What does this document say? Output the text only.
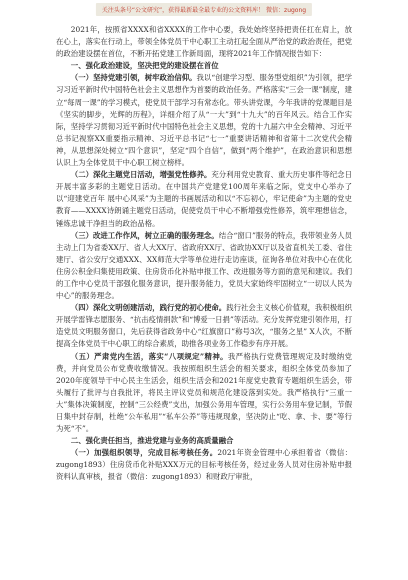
关注头条号“公文研究”，获得最新最全最专业的公文资料库！ 微信：zugong

2021年，按照省XXXX和省XXXX的工作中心要，我处始终坚持把责任扛在肩上，放在心上，落实在行动上，带领全体党员干中心职工主动扛起全面从严治党的政治责任，把党的政治建设摆在首位，不断开拓党建工作新局面，现将2021年工作情况报告如下：

一、强化政治建设，坚决把党的建设摆在首位

（一）坚持党建引领，树牢政治信仰。我以“创建学习型、服务型党组织”为引领，把学习习近平新时代中国特色社会主义思想作为首要的政治任务。严格落实“三会一课”制度，建立“每周一课”的学习模式，使党员干部学习有常态化。带头讲党课，今年我讲的党课题目是《坚实的脚步，光辉的历程》，详细介绍了从“一大”到“十九大”的百年风云。结合工作实际，坚持学习贯彻习近平新时代中国特色社会主义思想，党的十九届六中全会精神、习近平总书记视察XX重要指示精神、习近平总书记“七一”重要讲话精神和省第十二次党代会精神，从思想深处树立“四个意识”，坚定“四个自信”，做到“两个维护”，在政治意识和思想认识上为全体党员干中心职工树立榜样。

（二）深化主题党日活动，增强党性修养。充分利用党史教育、重大历史事件等纪念日开展丰富多彩的主题党日活动。在中国共产党建党100周年来临之际，党支中心举办了以“迎建党百年 展中心风采”为主题的书画展活动和以“不忘初心，牢记使命”为主题的党史教育——XXXX诗朗诵主题党日活动，促使党员干中心不断增强党性修养，筑牢理想信念，锤炼忠诚干净担当的政治品格。

（三）改进工作作风，树立正确的服务理念。结合“窗口”服务的特点，我带领业务人员主动上门为省委XX厅、省人大XX厅、省政府XX厅、省政协XX厅以及省直机关工委、省住建厅、省公安厅交通XXX、XX师范大学等单位进行走访座谈，征询各单位对我中心在优化住房公积金归集使用政策、住房货币化补贴申报工作、改进服务等方面的意见和建议。我们的工作中心党员干部强化服务意识，提升服务能力，党员大家始终牢固树立“一切以人民为中心”的服务理念。

（四）深化文明创建活动，践行党的初心使命。践行社会主义核心价值观，我积极组织开展学雷锋志愿服务、“抗击疫情捐款”和“博爱一日捐”等活动。充分发挥党建引领作用，打造党员文明服务窗口，先后获得省政务中心“红旗窗口”称号3次，“服务之星” X人次，不断提高全体党员干中心职工的综合素质，助推各项业务工作稳步有序开展。

（五）严肃党内生活，落实“八项规定”精神。我严格执行党费管理规定及时缴纳党费，并向党员公布党费收缴情况。我按照组织生活会的相关要求，组织全体党员参加了2020年度领导干中心民主生活会，组织生活会和2021年度党史教育专题组织生活会，带头履行了批评与自我批评，将民主评议党员和规范化建设落到实处。我严格执行“三重一大”集体决策制度，控制“三公经费”支出，加强公务用车管理，实行公务用车登记制，节假日集中封存制，杜绝“公车私用”“私车公养”等违规现象，坚决防止“吃、拿、卡、要”等行为死“不”。

二、强化责任担当，推进党建与业务的高质量融合

（一）加强组织领导，完成目标考核任务。2021年资金管理中心承担着省（微信：zugong1893）住房货币化补贴XXX万元的目标考核任务，经过业务人员对住房补贴申报资料认真审核，报省（微信：zugong1893）和财政厅审批，
